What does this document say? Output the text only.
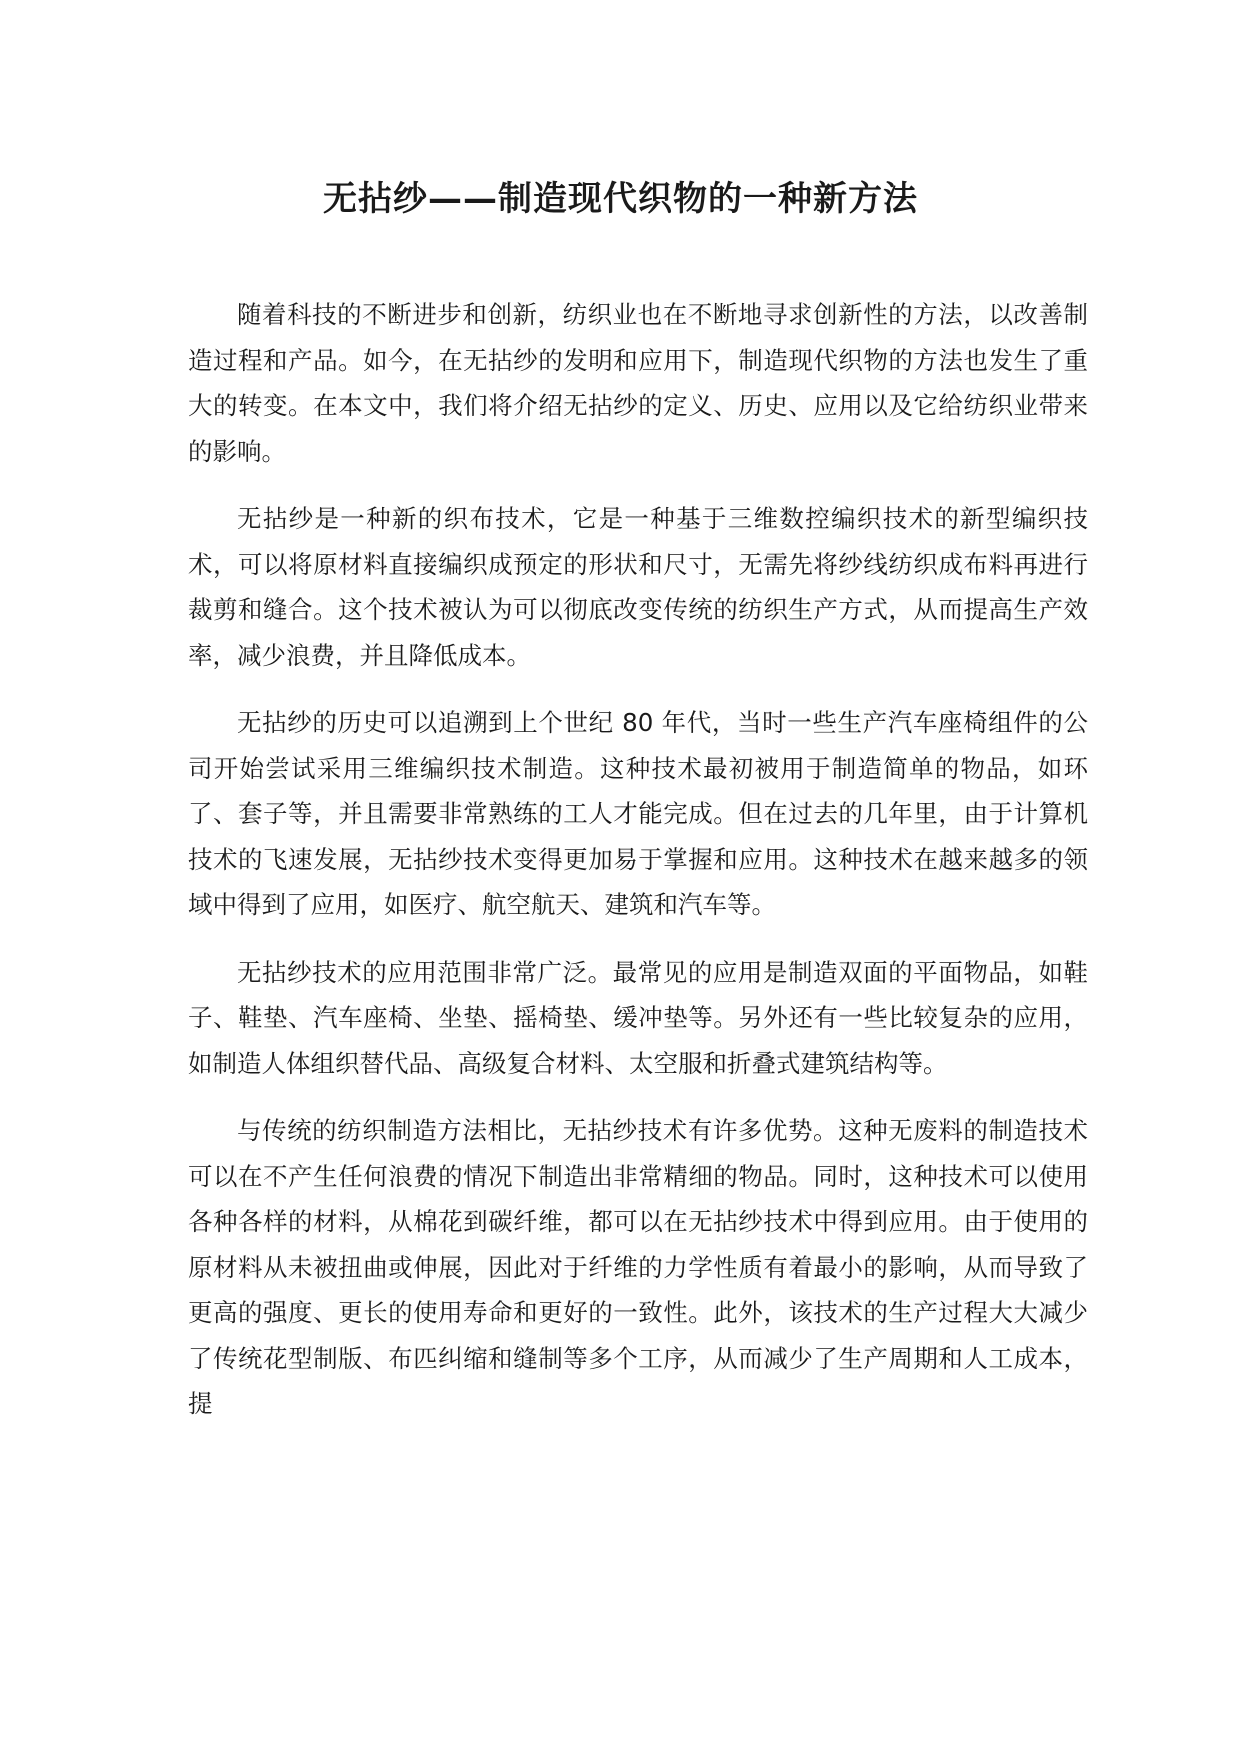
无拈纱——制造现代织物的一种新方法

随着科技的不断进步和创新，纺织业也在不断地寻求创新性的方法，以改善制造过程和产品。如今，在无拈纱的发明和应用下，制造现代织物的方法也发生了重大的转变。在本文中，我们将介绍无拈纱的定义、历史、应用以及它给纺织业带来的影响。

无拈纱是一种新的织布技术，它是一种基于三维数控编织技术的新型编织技术，可以将原材料直接编织成预定的形状和尺寸，无需先将纱线纺织成布料再进行裁剪和缝合。这个技术被认为可以彻底改变传统的纺织生产方式，从而提高生产效率，减少浪费，并且降低成本。

无拈纱的历史可以追溯到上个世纪 80 年代，当时一些生产汽车座椅组件的公司开始尝试采用三维编织技术制造。这种技术最初被用于制造简单的物品，如环了、套子等，并且需要非常熟练的工人才能完成。但在过去的几年里，由于计算机技术的飞速发展，无拈纱技术变得更加易于掌握和应用。这种技术在越来越多的领域中得到了应用，如医疗、航空航天、建筑和汽车等。

无拈纱技术的应用范围非常广泛。最常见的应用是制造双面的平面物品，如鞋子、鞋垫、汽车座椅、坐垫、摇椅垫、缓冲垫等。另外还有一些比较复杂的应用，如制造人体组织替代品、高级复合材料、太空服和折叠式建筑结构等。

与传统的纺织制造方法相比，无拈纱技术有许多优势。这种无废料的制造技术可以在不产生任何浪费的情况下制造出非常精细的物品。同时，这种技术可以使用各种各样的材料，从棉花到碳纤维，都可以在无拈纱技术中得到应用。由于使用的原材料从未被扭曲或伸展，因此对于纤维的力学性质有着最小的影响，从而导致了更高的强度、更长的使用寿命和更好的一致性。此外，该技术的生产过程大大减少了传统花型制版、布匹纠缩和缝制等多个工序，从而减少了生产周期和人工成本，提
